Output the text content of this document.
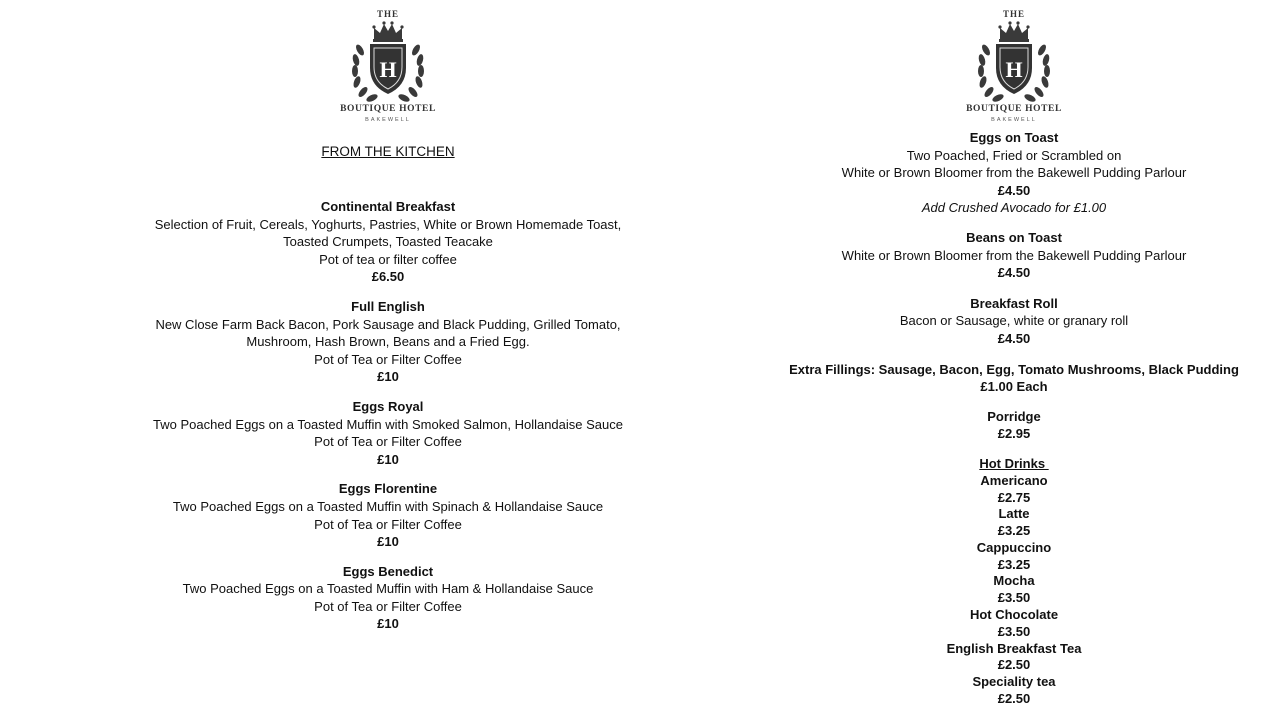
THE
H
BOUTIQUE HOTEL
BAKEWELL
FROM THE KITCHEN
Continental Breakfast
Selection of Fruit, Cereals, Yoghurts, Pastries, White or Brown Homemade Toast,
Toasted Crumpets, Toasted Teacake
Pot of tea or filter coffee
£6.50
Full English
New Close Farm Back Bacon, Pork Sausage and Black Pudding, Grilled Tomato,
Mushroom, Hash Brown, Beans and a Fried Egg.
Pot of Tea or Filter Coffee
£10
Eggs Royal
Two Poached Eggs on a Toasted Muffin with Smoked Salmon, Hollandaise Sauce
Pot of Tea or Filter Coffee
£10
Eggs Florentine
Two Poached Eggs on a Toasted Muffin with Spinach & Hollandaise Sauce
Pot of Tea or Filter Coffee
£10
Eggs Benedict
Two Poached Eggs on a Toasted Muffin with Ham & Hollandaise Sauce
Pot of Tea or Filter Coffee
£10
THE
H
BOUTIQUE HOTEL
BAKEWELL
Eggs on Toast
Two Poached, Fried or Scrambled on
White or Brown Bloomer from the Bakewell Pudding Parlour
£4.50
Add Crushed Avocado for £1.00
Beans on Toast
White or Brown Bloomer from the Bakewell Pudding Parlour
£4.50
Breakfast Roll
Bacon or Sausage, white or granary roll
£4.50
Extra Fillings: Sausage, Bacon, Egg, Tomato Mushrooms, Black Pudding
£1.00 Each
Porridge
£2.95
Hot Drinks
Americano
£2.75
Latte
£3.25
Cappuccino
£3.25
Mocha
£3.50
Hot Chocolate
£3.50
English Breakfast Tea
£2.50
Speciality tea
£2.50
